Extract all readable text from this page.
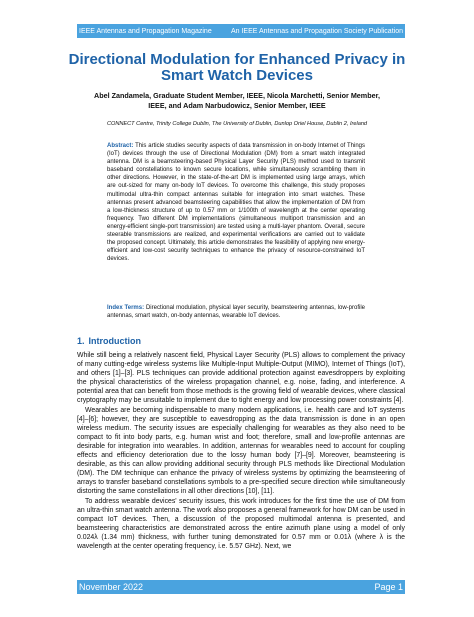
IEEE Antennas and Propagation Magazine	An IEEE Antennas and Propagation Society Publication
Directional Modulation for Enhanced Privacy in
Smart Watch Devices
Abel Zandamela, Graduate Student Member, IEEE, Nicola Marchetti, Senior Member,
IEEE, and Adam Narbudowicz, Senior Member, IEEE
CONNECT Centre, Trinity College Dublin, The University of Dublin, Dunlop Oriel House, Dublin 2, Ireland
Abstract: This article studies security aspects of data transmission in on-body Internet of Things (IoT) devices through the use of Directional Modulation (DM) from a smart watch integrated antenna. DM is a beamsteering-based Physical Layer Security (PLS) method used to transmit baseband constellations to known secure locations, while simultaneously scrambling them in other directions. However, in the state-of-the-art DM is implemented using large arrays, which are out-sized for many on-body IoT devices. To overcome this challenge, this study proposes multimodal ultra-thin compact antennas suitable for integration into smart watches. These antennas present advanced beamsteering capabilities that allow the implementation of DM from a low-thickness structure of up to 0.57 mm or 1/100th of wavelength at the center operating frequency. Two different DM implementations (simultaneous multiport transmission and an energy-efficient single-port transmission) are tested using a multi-layer phantom. Overall, secure steerable transmissions are realized, and experimental verifications are carried out to validate the proposed concept. Ultimately, this article demonstrates the feasibility of applying new energy-efficient and low-cost security techniques to enhance the privacy of resource-constrained IoT devices.
Index Terms: Directional modulation, physical layer security, beamsteering antennas, low-profile antennas, smart watch, on-body antennas, wearable IoT devices.
1. Introduction

While still being a relatively nascent field, Physical Layer Security (PLS) allows to complement the privacy of many cutting-edge wireless systems like Multiple-Input Multiple-Output (MIMO), Internet of Things (IoT), and others [1]–[3]. PLS techniques can provide additional protection against eavesdroppers by exploiting the physical characteristics of the wireless propagation channel, e.g. noise, fading, and interference. A potential area that can benefit from those methods is the growing field of wearable devices, where classical cryptography may be unsuitable to implement due to tight energy and low processing power constraints [4].

Wearables are becoming indispensable to many modern applications, i.e. health care and IoT systems [4]–[6]; however, they are susceptible to eavesdropping as the data transmission is done in an open wireless medium. The security issues are especially challenging for wearables as they also need to be compact to fit into body parts, e.g. human wrist and foot; therefore, small and low-profile antennas are desirable for integration into wearables. In addition, antennas for wearables need to account for coupling effects and efficiency deterioration due to the lossy human body [7]–[9]. Moreover, beamsteering is desirable, as this can allow providing additional security through PLS methods like Directional Modulation (DM). The DM technique can enhance the privacy of wireless systems by optimizing the beamsteering of arrays to transfer baseband constellations symbols to a pre-specified secure direction while simultaneously distorting the same constellations in all other directions [10], [11].

To address wearable devices' security issues, this work introduces for the first time the use of DM from an ultra-thin smart watch antenna. The work also proposes a general framework for how DM can be used in compact IoT devices. Then, a discussion of the proposed multimodal antenna is presented, and beamsteering characteristics are demonstrated across the entire azimuth plane using a model of only 0.024λ (1.34 mm) thickness, with further tuning demonstrated for 0.57 mm or 0.01λ (where λ is the wavelength at the center operating frequency, i.e. 5.57 GHz). Next, we

November 2022	Page 1
